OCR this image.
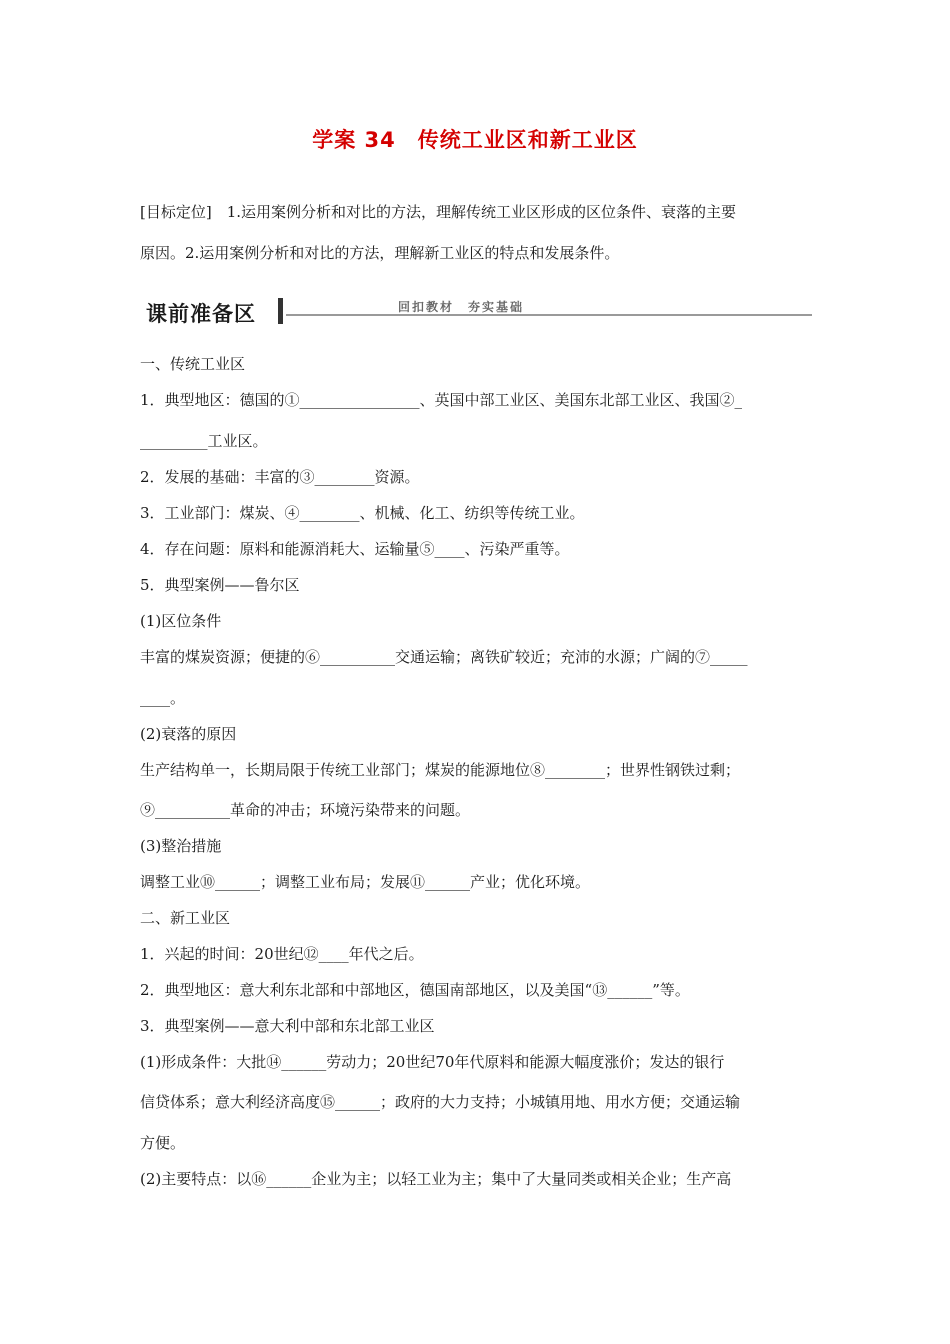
学案 34　传统工业区和新工业区
[目标定位]　1.运用案例分析和对比的方法，理解传统工业区形成的区位条件、衰落的主要
原因。2.运用案例分析和对比的方法，理解新工业区的特点和发展条件。
课前准备区	回扣教材　夯实基础
一、传统工业区
1．典型地区：德国的①________________、英国中部工业区、美国东北部工业区、我国②_
_________工业区。
2．发展的基础：丰富的③________资源。
3．工业部门：煤炭、④________、机械、化工、纺织等传统工业。
4．存在问题：原料和能源消耗大、运输量⑤____、污染严重等。
5．典型案例——鲁尔区
(1)区位条件
丰富的煤炭资源；便捷的⑥__________交通运输；离铁矿较近；充沛的水源；广阔的⑦_____
____。
(2)衰落的原因
生产结构单一，长期局限于传统工业部门；煤炭的能源地位⑧________；世界性钢铁过剩；
⑨__________革命的冲击；环境污染带来的问题。
(3)整治措施
调整工业⑩______；调整工业布局；发展⑪______产业；优化环境。
二、新工业区
1．兴起的时间：20世纪⑫____年代之后。
2．典型地区：意大利东北部和中部地区，德国南部地区，以及美国“⑬______”等。
3．典型案例——意大利中部和东北部工业区
(1)形成条件：大批⑭______劳动力；20世纪70年代原料和能源大幅度涨价；发达的银行
信贷体系；意大利经济高度⑮______；政府的大力支持；小城镇用地、用水方便；交通运输
方便。
(2)主要特点：以⑯______企业为主；以轻工业为主；集中了大量同类或相关企业；生产高
